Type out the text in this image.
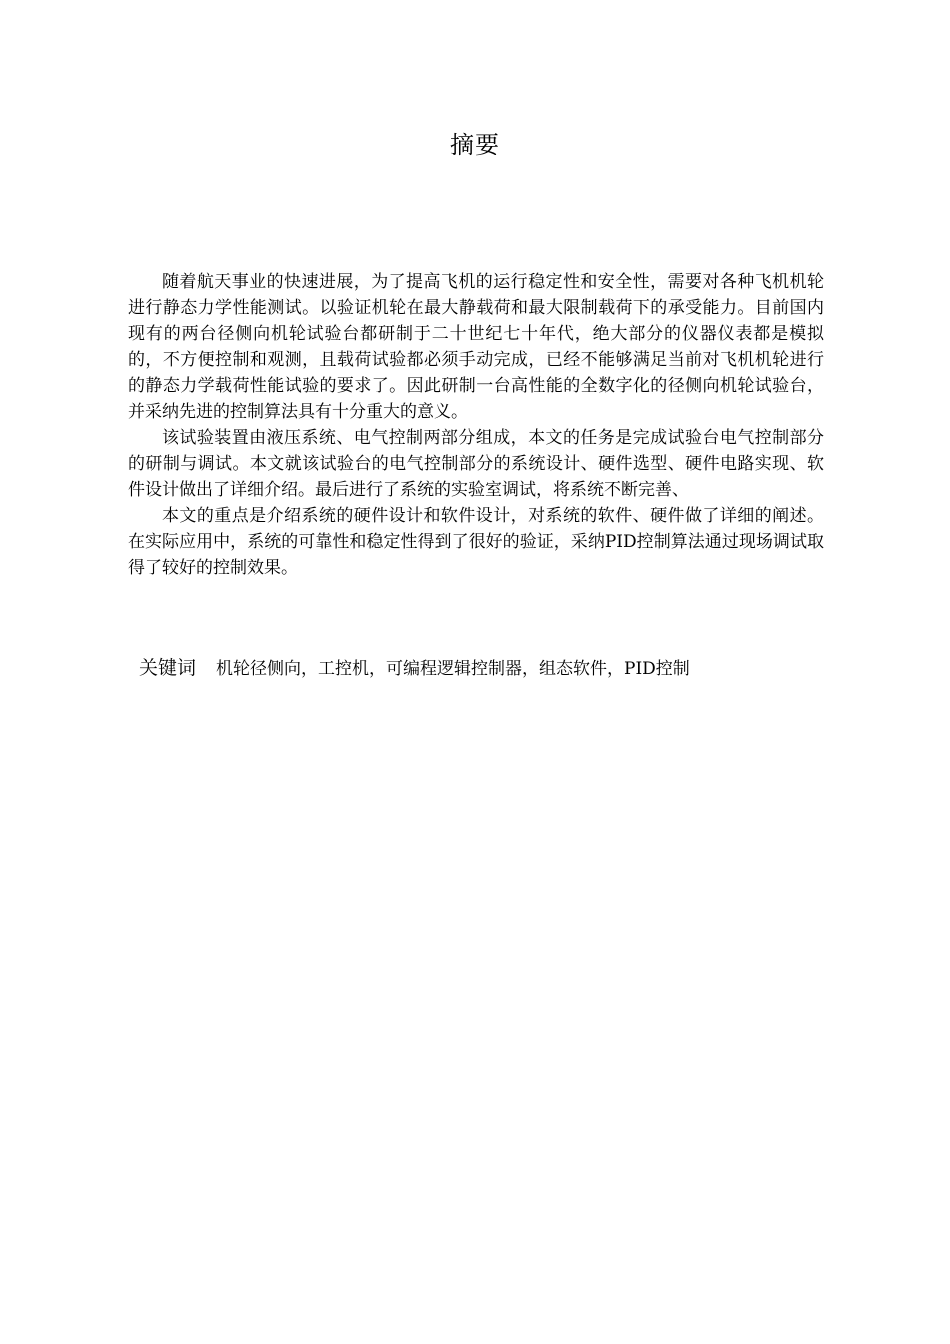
摘要

随着航天事业的快速进展，为了提高飞机的运行稳定性和安全性，需要对各种飞机机轮进行静态力学性能测试。以验证机轮在最大静载荷和最大限制载荷下的承受能力。目前国内现有的两台径侧向机轮试验台都研制于二十世纪七十年代，绝大部分的仪器仪表都是模拟的，不方便控制和观测，且载荷试验都必须手动完成，已经不能够满足当前对飞机机轮进行的静态力学载荷性能试验的要求了。因此研制一台高性能的全数字化的径侧向机轮试验台，并采纳先进的控制算法具有十分重大的意义。

该试验装置由液压系统、电气控制两部分组成，本文的任务是完成试验台电气控制部分的研制与调试。本文就该试验台的电气控制部分的系统设计、硬件选型、硬件电路实现、软件设计做出了详细介绍。最后进行了系统的实验室调试，将系统不断完善、

本文的重点是介绍系统的硬件设计和软件设计，对系统的软件、硬件做了详细的阐述。在实际应用中，系统的可靠性和稳定性得到了很好的验证，采纳PID控制算法通过现场调试取得了较好的控制效果。

关键词 机轮径侧向，工控机，可编程逻辑控制器，组态软件，PID控制
